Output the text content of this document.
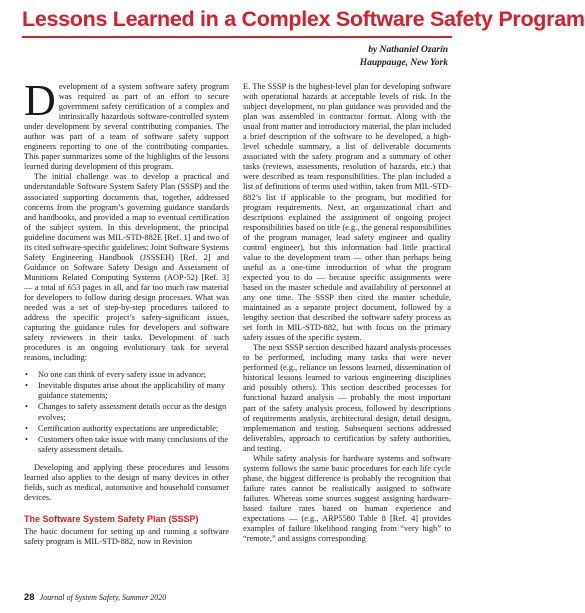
Lessons Learned in a Complex Software Safety Program
by Nathaniel Ozarin
Hauppauge, New York

Development of a system software safety program was required as part of an effort to secure government safety certification of a complex and intrinsically hazardous software-controlled system under development by several contributing companies. The author was part of a team of software safety support engineers reporting to one of the contributing companies. This paper summarizes some of the highlights of the lessons learned during development of this program.

The initial challenge was to develop a practical and understandable Software System Safety Plan (SSSP) and the associated supporting documents that, together, addressed concerns from the program’s governing guidance standards and handbooks, and provided a map to eventual certification of the subject system. In this development, the principal guideline document was MIL-STD-882E [Ref. 1] and two of its cited software-specific guidelines: Joint Software Systems Safety Engineering Handbook (JSSSEH) [Ref. 2] and Guidance on Software Safety Design and Assessment of Munitions Related Computing Systems (AOP-52) [Ref. 3] — a total of 653 pages in all, and far too much raw material for developers to follow during design processes. What was needed was a set of step-by-step procedures tailored to address the specific project’s safety-significant issues, capturing the guidance rules for developers and software safety reviewers in their tasks. Development of such procedures is an ongoing evolutionary task for several reasons, including:

• No one can think of every safety issue in advance;
• Inevitable disputes arise about the applicability of many guidance statements;
• Changes to safety assessment details occur as the design evolves;
• Certification authority expectations are unpredictable;
• Customers often take issue with many conclusions of the safety assessment details.

Developing and applying these procedures and lessons learned also applies to the design of many devices in other fields, such as medical, automotive and household consumer devices.

The Software System Safety Plan (SSSP)

The basic document for setting up and running a software safety program is MIL-STD-882, now in Revision

E. The SSSP is the highest-level plan for developing software with operational hazards at acceptable levels of risk. In the subject development, no plan guidance was provided and the plan was assembled in contractor format. Along with the usual front matter and introductory material, the plan included a brief description of the software to be developed, a high-level schedule summary, a list of deliverable documents associated with the safety program and a summary of other tasks (reviews, assessments, resolution of hazards, etc.) that were described as team responsibilities. The plan included a list of definitions of terms used within, taken from MIL-STD-882’s list if applicable to the program, but modified for program requirements. Next, an organizational chart and descriptions explained the assignment of ongoing project responsibilities based on title (e.g., the general responsibilities of the program manager, lead safety engineer and quality control engineer), but this information had little practical value to the development team — other than perhaps being useful as a one-time introduction of what the program expected you to do — because specific assignments were based on the master schedule and availability of personnel at any one time. The SSSP then cited the master schedule, maintained as a separate project document, followed by a lengthy section that described the software safety process as set forth in MIL-STD-882, but with focus on the primary safety issues of the specific system.

The next SSSP section described hazard analysis processes to be performed, including many tasks that were never performed (e.g., reliance on lessons learned, dissemination of historical lessons learned to various engineering disciplines and possibly others). This section described processes for functional hazard analysis — probably the most important part of the safety analysis process, followed by descriptions of requirements analysis, architectural design, detail designs, implementation and testing. Subsequent sections addressed deliverables, approach to certification by safety authorities, and testing.

While safety analysis for hardware systems and software systems follows the same basic procedures for each life cycle phase, the biggest difference is probably the recognition that failure rates cannot be realistically assigned to software failures. Whereas some sources suggest assigning hardware-based failure rates based on human experience and expectations — (e.g., ARP5580 Table 8 [Ref. 4] provides examples of failure likelihood ranging from “very high” to “remote,” and assigns corresponding

28 Journal of System Safety, Summer 2020
